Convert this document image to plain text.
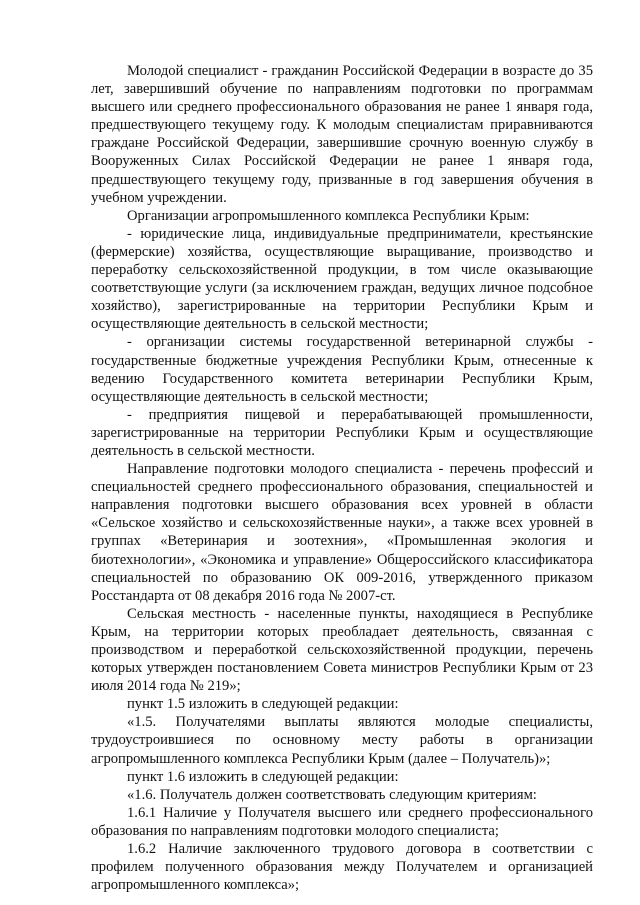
Молодой специалист - гражданин Российской Федерации в возрасте до 35 лет, завершивший обучение по направлениям подготовки по программам высшего или среднего профессионального образования не ранее 1 января года, предшествующего текущему году. К молодым специалистам приравниваются граждане Российской Федерации, завершившие срочную военную службу в Вооруженных Силах Российской Федерации не ранее 1 января года, предшествующего текущему году, призванные в год завершения обучения в учебном учреждении.

Организации агропромышленного комплекса Республики Крым:

- юридические лица, индивидуальные предприниматели, крестьянские (фермерские) хозяйства, осуществляющие выращивание, производство и переработку сельскохозяйственной продукции, в том числе оказывающие соответствующие услуги (за исключением граждан, ведущих личное подсобное хозяйство), зарегистрированные на территории Республики Крым и осуществляющие деятельность в сельской местности;

- организации системы государственной ветеринарной службы - государственные бюджетные учреждения Республики Крым, отнесенные к ведению Государственного комитета ветеринарии Республики Крым, осуществляющие деятельность в сельской местности;

- предприятия пищевой и перерабатывающей промышленности, зарегистрированные на территории Республики Крым и осуществляющие деятельность в сельской местности.

Направление подготовки молодого специалиста - перечень профессий и специальностей среднего профессионального образования, специальностей и направления подготовки высшего образования всех уровней в области «Сельское хозяйство и сельскохозяйственные науки», а также всех уровней в группах «Ветеринария и зоотехния», «Промышленная экология и биотехнологии», «Экономика и управление» Общероссийского классификатора специальностей по образованию ОК 009-2016, утвержденного приказом Росстандарта от 08 декабря 2016 года № 2007-ст.

Сельская местность - населенные пункты, находящиеся в Республике Крым, на территории которых преобладает деятельность, связанная с производством и переработкой сельскохозяйственной продукции, перечень которых утвержден постановлением Совета министров Республики Крым от 23 июля 2014 года № 219»;

пункт 1.5 изложить в следующей редакции:

«1.5. Получателями выплаты являются молодые специалисты, трудоустроившиеся по основному месту работы в организации агропромышленного комплекса Республики Крым (далее – Получатель)»;

пункт 1.6 изложить в следующей редакции:

«1.6. Получатель должен соответствовать следующим критериям:

1.6.1 Наличие у Получателя высшего или среднего профессионального образования по направлениям подготовки молодого специалиста;

1.6.2 Наличие заключенного трудового договора в соответствии с профилем полученного образования между Получателем и организацией агропромышленного комплекса»;
